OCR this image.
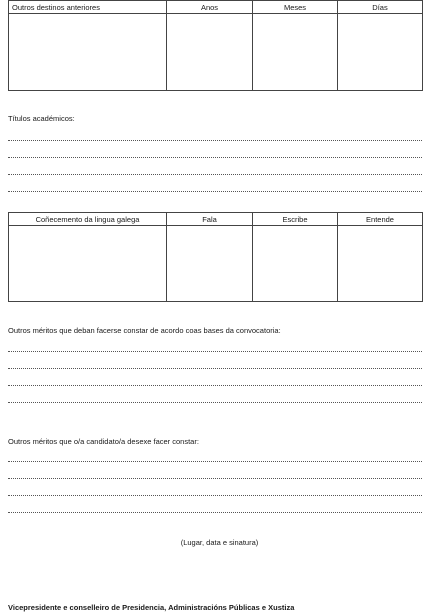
Outros destinos anteriores	Anos	Meses	Días

Títulos académicos:
Coñecemento da lingua galega	Fala	Escribe	Entende

Outros méritos que deban facerse constar de acordo coas bases da convocatoria:
Outros méritos que o/a candidato/a desexe facer constar:
(Lugar, data e sinatura)
Vicepresidente e conselleiro de Presidencia, Administracións Públicas e Xustiza
